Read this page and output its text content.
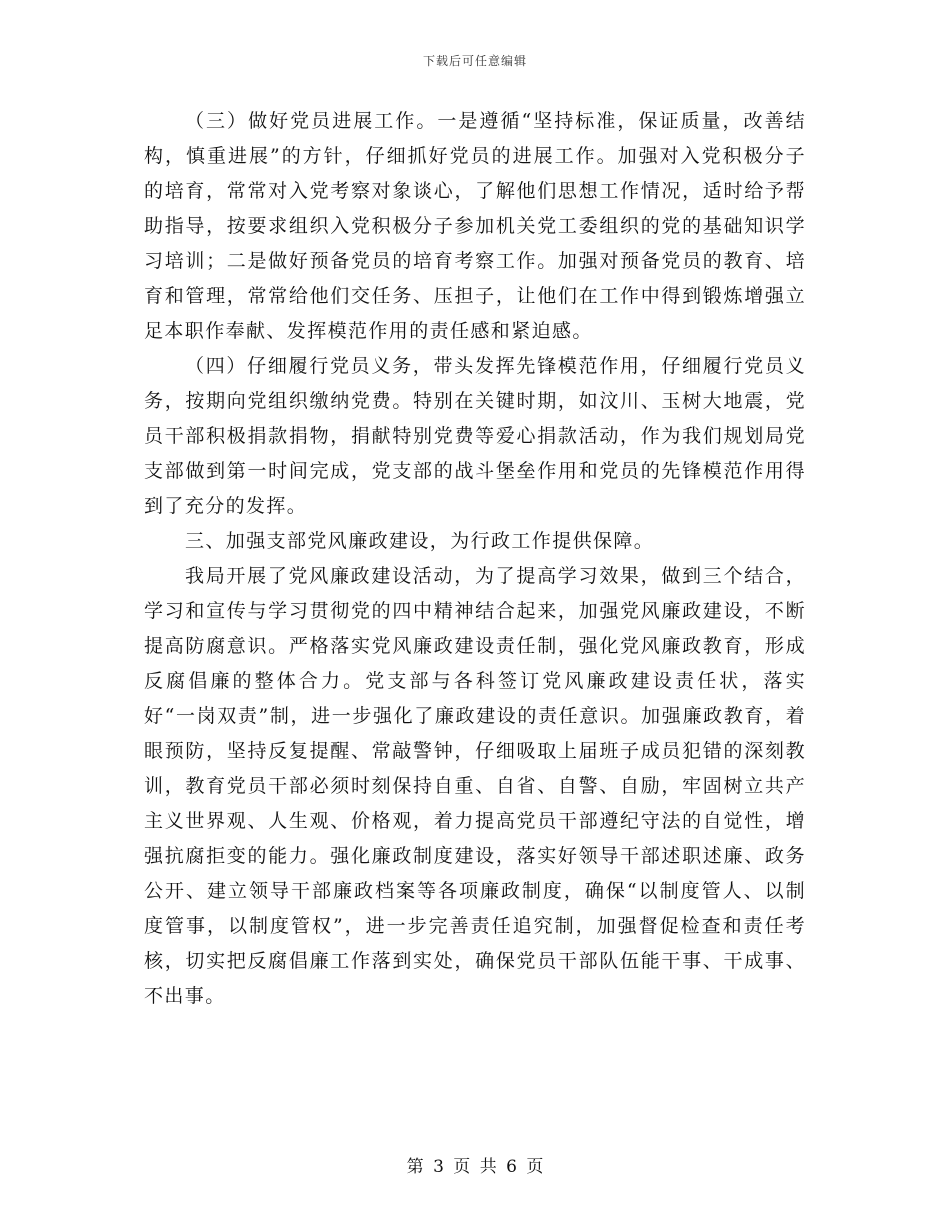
下载后可任意编辑

（三）做好党员进展工作。一是遵循“坚持标准，保证质量，改善结构，慎重进展”的方针，仔细抓好党员的进展工作。加强对入党积极分子的培育，常常对入党考察对象谈心，了解他们思想工作情况，适时给予帮助指导，按要求组织入党积极分子参加机关党工委组织的党的基础知识学习培训；二是做好预备党员的培育考察工作。加强对预备党员的教育、培育和管理，常常给他们交任务、压担子，让他们在工作中得到锻炼增强立足本职作奉献、发挥模范作用的责任感和紧迫感。

（四）仔细履行党员义务，带头发挥先锋模范作用，仔细履行党员义务，按期向党组织缴纳党费。特别在关键时期，如汶川、玉树大地震，党员干部积极捐款捐物，捐献特别党费等爱心捐款活动，作为我们规划局党支部做到第一时间完成，党支部的战斗堡垒作用和党员的先锋模范作用得到了充分的发挥。

三、加强支部党风廉政建设，为行政工作提供保障。

我局开展了党风廉政建设活动，为了提高学习效果，做到三个结合，学习和宣传与学习贯彻党的四中精神结合起来，加强党风廉政建设，不断提高防腐意识。严格落实党风廉政建设责任制，强化党风廉政教育，形成反腐倡廉的整体合力。党支部与各科签订党风廉政建设责任状，落实好“一岗双责”制，进一步强化了廉政建设的责任意识。加强廉政教育，着眼预防，坚持反复提醒、常敲警钟，仔细吸取上届班子成员犯错的深刻教训，教育党员干部必须时刻保持自重、自省、自警、自励，牢固树立共产主义世界观、人生观、价格观，着力提高党员干部遵纪守法的自觉性，增强抗腐拒变的能力。强化廉政制度建设，落实好领导干部述职述廉、政务公开、建立领导干部廉政档案等各项廉政制度，确保“以制度管人、以制度管事，以制度管权”，进一步完善责任追究制，加强督促检查和责任考核，切实把反腐倡廉工作落到实处，确保党员干部队伍能干事、干成事、不出事。

第 3 页 共 6 页
